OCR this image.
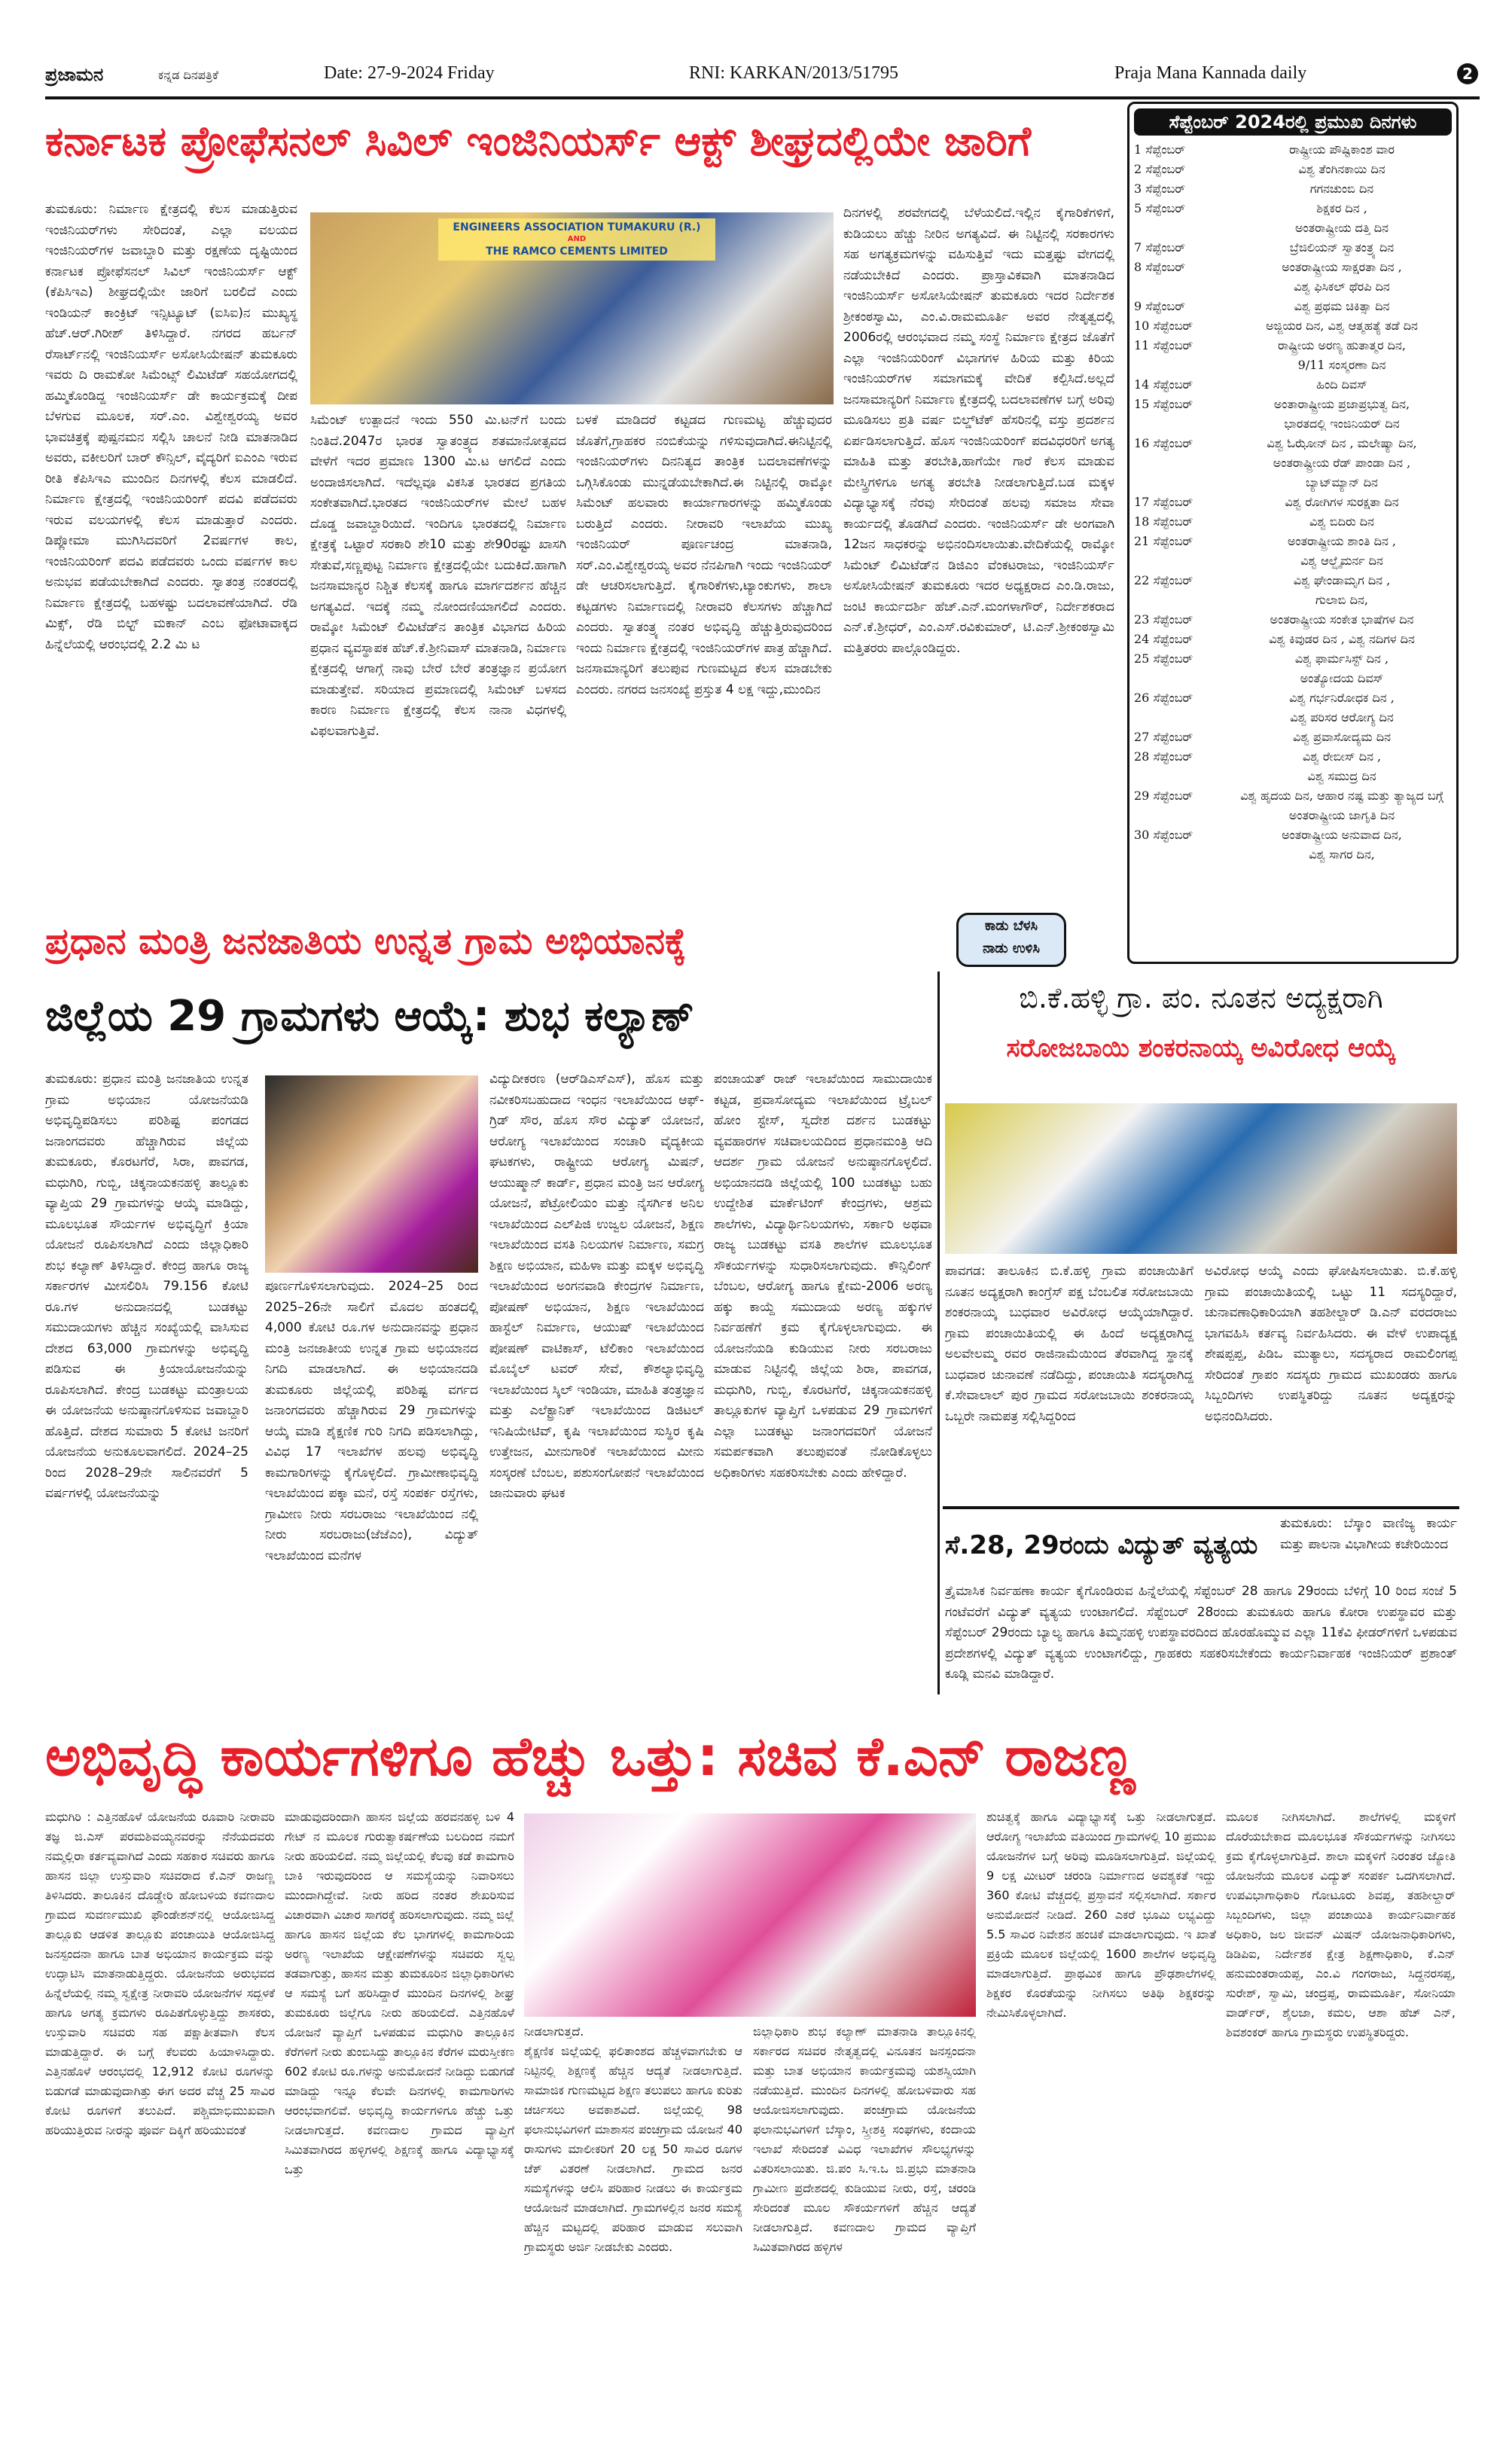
ಪ್ರಜಾಮನ	ಕನ್ನಡ ದಿನಪತ್ರಿಕೆ	Date: 27-9-2024 Friday	RNI: KARKAN/2013/51795	Praja Mana Kannada daily	2
ಕರ್ನಾಟಕ ಪ್ರೋಫೆಸನಲ್ ಸಿವಿಲ್ ಇಂಜಿನಿಯರ್ಸ್ ಆಕ್ಟ್ ಶೀಘ್ರದಲ್ಲಿಯೇ ಜಾರಿಗೆ
ತುಮಕೂರು: ನಿರ್ಮಾಣ ಕ್ಷೇತ್ರದಲ್ಲಿ ಕೆಲಸ ಮಾಡುತ್ತಿರುವ ಇಂಜಿನಿಯರ್‌ಗಳು ಸೇರಿದಂತೆ, ಎಲ್ಲಾ ವಲಯದ ಇಂಜಿನಿಯರ್‌ಗಳ ಜವಾಬ್ದಾರಿ ಮತ್ತು ರಕ್ಷಣೆಯ ದೃಷ್ಟಿಯಿಂದ ಕರ್ನಾಟಕ ಪ್ರೋಫೆಸನಲ್ ಸಿವಿಲ್ ಇಂಜಿನಿಯರ್ಸ್ ಆಕ್ಟ್ (ಕೆಪಿಸಿಇಎ) ಶೀಘ್ರದಲ್ಲಿಯೇ ಜಾರಿಗೆ ಬರಲಿದೆ ಎಂದು ಇಂಡಿಯನ್ ಕಾಂಕ್ರಿಟ್ ಇನ್ಸಿಟ್ಯೂಟ್ (ಐಸಿಐ)ನ ಮುಖ್ಯಸ್ಥ ಹೆಚ್.ಆರ್.ಗಿರೀಶ್ ತಿಳಿಸಿದ್ದಾರೆ. ನಗರದ ಹರ್ಬನ್ ರೆಸಾರ್ಟ್‌ನಲ್ಲಿ ಇಂಜಿನಿಯರ್ಸ್ ಅಸೋಸಿಯೇಷನ್ ತುಮಕೂರು ಇವರು ದಿ ರಾಮಕೋ ಸಿಮೆಂಟ್ಸ್ ಲಿಮಿಟೆಡ್ ಸಹಯೋಗದಲ್ಲಿ ಹಮ್ಮಿಕೊಂಡಿದ್ದ ಇಂಜಿನಿಯರ್ಸ್ ಡೇ ಕಾರ್ಯಕ್ರಮಕ್ಕೆ ದೀಪ ಬೆಳಗುವ ಮೂಲಕ, ಸರ್.ಎಂ. ವಿಶ್ವೇಶ್ವರಯ್ಯ ಅವರ ಭಾವಚಿತ್ರಕ್ಕೆ ಪುಷ್ಪನಮನ ಸಲ್ಲಿಸಿ ಚಾಲನೆ ನೀಡಿ ಮಾತನಾಡಿದ ಅವರು, ವಕೀಲರಿಗೆ ಬಾರ್ ಕೌನ್ಸಿಲ್, ವೈದ್ಯರಿಗೆ ಐಎಂಎ ಇರುವ ರೀತಿ ಕೆಪಿಸಿಇಎ ಮುಂದಿನ ದಿನಗಳಲ್ಲಿ ಕೆಲಸ ಮಾಡಲಿದೆ. ನಿರ್ಮಾಣ ಕ್ಷೇತ್ರದಲ್ಲಿ ಇಂಜಿನಿಯರಿಂಗ್ ಪದವಿ ಪಡೆದವರು ಇರುವ ವಲಯಗಳಲ್ಲಿ ಕೆಲಸ ಮಾಡುತ್ತಾರೆ ಎಂದರು. ಡಿಪ್ಲೋಮಾ ಮುಗಿಸಿದವರಿಗೆ 2ವರ್ಷಗಳ ಕಾಲ, ಇಂಜಿನಿಯರಿಂಗ್ ಪದವಿ ಪಡೆದವರು ಒಂದು ವರ್ಷಗಳ ಕಾಲ ಅನುಭವ ಪಡೆಯಬೇಕಾಗಿದೆ ಎಂದರು. ಸ್ವಾತಂತ್ರ ನಂತರದಲ್ಲಿ ನಿರ್ಮಾಣ ಕ್ಷೇತ್ರದಲ್ಲಿ ಬಹಳಷ್ಟು ಬದಲಾವಣೆಯಾಗಿದೆ. ರೆಡಿ ಮಿಕ್ಸ್, ರೆಡಿ ಬಿಲ್ಟ್ ಮಕಾನ್ ಎಂಬ ಫೋಟಾವಾಕ್ಕದ ಹಿನ್ನೆಲೆಯಲ್ಲಿ ಆರಂಭದಲ್ಲಿ 2.2 ಮಿ ಟ
ENGINEERS ASSOCIATION TUMAKURU (R.)
AND
THE RAMCO CEMENTS LIMITED
ಸಿಮೆಂಟ್ ಉತ್ಪಾದನೆ ಇಂದು 550 ಮಿ.ಟನ್‌ಗೆ ಬಂದು ನಿಂತಿದೆ.2047ರ ಭಾರತ ಸ್ವಾತಂತ್ರ್ಯದ ಶತಮಾನೋತ್ಸವದ ವೇಳೆಗೆ ಇದರ ಪ್ರಮಾಣ 1300 ಮಿ.ಟ ಆಗಲಿದೆ ಎಂದು ಅಂದಾಜಿಸಲಾಗಿದೆ. ಇದೆಲ್ಲವೂ ವಿಕಸಿತ ಭಾರತದ ಪ್ರಗತಿಯ ಸಂಕೇತವಾಗಿದೆ.ಭಾರತದ ಇಂಜಿನಿಯರ್‌ಗಳ ಮೇಲೆ ಬಹಳ ದೊಡ್ಡ ಜವಾಬ್ದಾರಿಯಿದೆ. ಇಂದಿಗೂ ಭಾರತದಲ್ಲಿ ನಿರ್ಮಾಣ ಕ್ಷೇತ್ರಕ್ಕೆ ಒಟ್ಟಾರೆ ಸರಕಾರಿ ಶೇ10 ಮತ್ತು ಶೇ90ರಷ್ಟು ಖಾಸಗಿ ಸೇತುವೆ,ಸಣ್ಣಪುಟ್ಟ ನಿರ್ಮಾಣ ಕ್ಷೇತ್ರದಲ್ಲಿಯೇ ಬದುಕಿದೆ.ಹಾಗಾಗಿ ಜನಸಾಮಾನ್ಯರ ನಿಶ್ಚಿತ ಕೆಲಸಕ್ಕೆ ಹಾಗೂ ಮಾರ್ಗದರ್ಶನ ಹೆಚ್ಚಿನ ಅಗತ್ಯವಿದೆ. ಇದಕ್ಕೆ ನಮ್ಮ ನೋಂದಣಿಯಾಗಲಿದೆ ಎಂದರು. ರಾಮ್ಕೋ ಸಿಮೆಂಟ್ ಲಿಮಿಟೆಡ್‌ನ ತಾಂತ್ರಿಕ ವಿಭಾಗದ ಹಿರಿಯ ಪ್ರಧಾನ ವ್ಯವಸ್ಥಾಪಕ ಹೆಚ್.ಕೆ.ಶ್ರೀನಿವಾಸ್ ಮಾತನಾಡಿ, ನಿರ್ಮಾಣ ಕ್ಷೇತ್ರದಲ್ಲಿ ಆಗಾಗ್ಗೆ ನಾವು ಬೇರೆ ಬೇರೆ ತಂತ್ರಜ್ಞಾನ ಪ್ರಯೋಗ ಮಾಡುತ್ತೇವೆ. ಸರಿಯಾದ ಪ್ರಮಾಣದಲ್ಲಿ ಸಿಮೆಂಟ್ ಬಳಸದ ಕಾರಣ ನಿರ್ಮಾಣ ಕ್ಷೇತ್ರದಲ್ಲಿ ಕೆಲಸ ನಾನಾ ವಿಧಗಳಲ್ಲಿ ವಿಫಲವಾಗುತ್ತಿವೆ.
ಬಳಕೆ ಮಾಡಿದರೆ ಕಟ್ಟಡದ ಗುಣಮಟ್ಟ ಹೆಚ್ಚುವುದರ ಜೊತೆಗೆ,ಗ್ರಾಹಕರ ನಂಬಿಕೆಯನ್ನು ಗಳಿಸುವುದಾಗಿದೆ.ಈನಿಟ್ಟಿನಲ್ಲಿ ಇಂಜಿನಿಯರ್‌ಗಳು ದಿನನಿತ್ಯದ ತಾಂತ್ರಿಕ ಬದಲಾವಣೆಗಳನ್ನು ಒಗ್ಗಿಸಿಕೊಂಡು ಮುನ್ನಡೆಯಬೇಕಾಗಿದೆ.ಈ ನಿಟ್ಟಿನಲ್ಲಿ ರಾಮ್ಕೋ ಸಿಮೆಂಟ್ ಹಲವಾರು ಕಾರ್ಯಾಗಾರಗಳನ್ನು ಹಮ್ಮಿಕೊಂಡು ಬರುತ್ತಿದೆ ಎಂದರು. ನೀರಾವರಿ ಇಲಾಖೆಯ ಮುಖ್ಯ ಇಂಜಿನಿಯರ್ ಪೂರ್ಣಚಂದ್ರ ಮಾತನಾಡಿ, ಸರ್.ಎಂ.ವಿಶ್ವೇಶ್ವರಯ್ಯ ಅವರ ನೆನಪಿಗಾಗಿ ಇಂದು ಇಂಜಿನಿಯರ್ ಡೇ ಆಚರಿಸಲಾಗುತ್ತಿದೆ. ಕೈಗಾರಿಕೆಗಳು,ಟ್ಯಾಂಕುಗಳು, ಶಾಲಾ ಕಟ್ಟಡಗಳು ನಿರ್ಮಾಣದಲ್ಲಿ ನೀರಾವರಿ ಕೆಲಸಗಳು ಹೆಚ್ಚಾಗಿದೆ ಎಂದರು. ಸ್ವಾತಂತ್ರ್ಯ ನಂತರ ಅಭಿವೃದ್ಧಿ ಹೆಚ್ಚುತ್ತಿರುವುದರಿಂದ ಇಂದು ನಿರ್ಮಾಣ ಕ್ಷೇತ್ರದಲ್ಲಿ ಇಂಜಿನಿಯರ್‌ಗಳ ಪಾತ್ರ ಹೆಚ್ಚಾಗಿದೆ. ಜನಸಾಮಾನ್ಯರಿಗೆ ತಲುಪುವ ಗುಣಮಟ್ಟದ ಕೆಲಸ ಮಾಡಬೇಕು ಎಂದರು. ನಗರದ ಜನಸಂಖ್ಯೆ ಪ್ರಸ್ತುತ 4 ಲಕ್ಷ ಇದ್ದು,ಮುಂದಿನ
ದಿನಗಳಲ್ಲಿ ಶರವೇಗದಲ್ಲಿ ಬೆಳೆಯಲಿದೆ.ಇಲ್ಲಿನ ಕೈಗಾರಿಕೆಗಳಿಗೆ, ಕುಡಿಯಲು ಹೆಚ್ಚು ನೀರಿನ ಅಗತ್ಯವಿದೆ. ಈ ನಿಟ್ಟಿನಲ್ಲಿ ಸರಕಾರಗಳು ಸಹ ಅಗತ್ಯಕ್ರಮಗಳನ್ನು ವಹಿಸುತ್ತಿವೆ ಇದು ಮತ್ತಷ್ಟು ವೇಗದಲ್ಲಿ ನಡೆಯಬೇಕಿದೆ ಎಂದರು. ಪ್ರಾಸ್ತಾವಿಕವಾಗಿ ಮಾತನಾಡಿದ ಇಂಜಿನಿಯರ್ಸ್ ಅಸೋಸಿಯೇಷನ್ ತುಮಕೂರು ಇದರ ನಿರ್ದೇಶಕ ಶ್ರೀಕಂಠಸ್ವಾಮಿ, ಎಂ.ವಿ.ರಾಮಮೂರ್ತಿ ಅವರ ನೇತೃತ್ವದಲ್ಲಿ 2006ರಲ್ಲಿ ಆರಂಭವಾದ ನಮ್ಮ ಸಂಸ್ಥೆ ನಿರ್ಮಾಣ ಕ್ಷೇತ್ರದ ಜೊತೆಗೆ ಎಲ್ಲಾ ಇಂಜಿನಿಯರಿಂಗ್ ವಿಭಾಗಗಳ ಹಿರಿಯ ಮತ್ತು ಕಿರಿಯ ಇಂಜಿನಿಯರ್‌ಗಳ ಸಮಾಗಮಕ್ಕೆ ವೇದಿಕೆ ಕಲ್ಪಿಸಿದೆ.ಅಲ್ಲದೆ ಜನಸಾಮಾನ್ಯರಿಗೆ ನಿರ್ಮಾಣ ಕ್ಷೇತ್ರದಲ್ಲಿ ಬದಲಾವಣೆಗಳ ಬಗ್ಗೆ ಅರಿವು ಮೂಡಿಸಲು ಪ್ರತಿ ವರ್ಷ ಬಿಲ್ಡ್‌ಟೆಕ್ ಹೆಸರಿನಲ್ಲಿ ವಸ್ತು ಪ್ರದರ್ಶನ ಏರ್ಪಡಿಸಲಾಗುತ್ತಿದೆ. ಹೊಸ ಇಂಜಿನಿಯರಿಂಗ್ ಪದವಿಧರರಿಗೆ ಅಗತ್ಯ ಮಾಹಿತಿ ಮತ್ತು ತರಬೇತಿ,ಹಾಗೆಯೇ ಗಾರೆ ಕೆಲಸ ಮಾಡುವ ಮೇಸ್ತ್ರಿಗಳಿಗೂ ಅಗತ್ಯ ತರಬೇತಿ ನೀಡಲಾಗುತ್ತಿದೆ.ಬಡ ಮಕ್ಕಳ ವಿದ್ಯಾಭ್ಯಾಸಕ್ಕೆ ನೆರವು ಸೇರಿದಂತೆ ಹಲವು ಸಮಾಜ ಸೇವಾ ಕಾರ್ಯದಲ್ಲಿ ತೊಡಗಿದೆ ಎಂದರು. ಇಂಜಿನಿಯರ್ಸ್ ಡೇ ಅಂಗವಾಗಿ 12ಜನ ಸಾಧಕರನ್ನು ಅಭಿನಂದಿಸಲಾಯಿತು.ವೇದಿಕೆಯಲ್ಲಿ ರಾಮ್ಕೋ ಸಿಮೆಂಟ್ ಲಿಮಿಟೆಡ್‌ನ ಡಿಜಿಎಂ ವೆಂಕಟರಾಜು, ಇಂಜಿನಿಯರ್ಸ್ ಅಸೋಸಿಯೇಷನ್ ತುಮಕೂರು ಇದರ ಅಧ್ಯಕ್ಷರಾದ ಎಂ.ಡಿ.ರಾಜು, ಜಂಟಿ ಕಾರ್ಯದರ್ಶಿ ಹೆಚ್.ಎನ್.ಮಂಗಳಾಗೌರ್, ನಿರ್ದೇಶಕರಾದ ಎನ್.ಕೆ.ಶ್ರೀಧರ್, ಎಂ.ಎಸ್.ರವಿಕುಮಾರ್, ಟಿ.ಎನ್.ಶ್ರೀಕಂಠಸ್ವಾಮಿ ಮತ್ತಿತರರು ಪಾಲ್ಗೊಂಡಿದ್ದರು.
ಸೆಪ್ಟೆಂಬರ್ 2024ರಲ್ಲಿ ಪ್ರಮುಖ ದಿನಗಳು
1 ಸೆಪ್ಟೆಂಬರ್	ರಾಷ್ಟ್ರೀಯ ಪೌಷ್ಟಿಕಾಂಶ ವಾರ
2 ಸೆಪ್ಟೆಂಬರ್	ವಿಶ್ವ ತೆಂಗಿನಕಾಯಿ ದಿನ
3 ಸೆಪ್ಟೆಂಬರ್	ಗಗನಚುಂಬಿ ದಿನ
5 ಸೆಪ್ಟೆಂಬರ್	ಶಿಕ್ಷಕರ ದಿನ ,
ಅಂತರಾಷ್ಟ್ರೀಯ ದತ್ತಿ ದಿನ
7 ಸೆಪ್ಟೆಂಬರ್	ಬ್ರೆಜಿಲಿಯನ್ ಸ್ವಾತಂತ್ರ್ಯ ದಿನ
8 ಸೆಪ್ಟೆಂಬರ್	ಅಂತರಾಷ್ಟ್ರೀಯ ಸಾಕ್ಷರತಾ ದಿನ ,
ವಿಶ್ವ ಫಿಸಿಕಲ್ ಥೆರಪಿ ದಿನ
9 ಸೆಪ್ಟೆಂಬರ್	ವಿಶ್ವ ಪ್ರಥಮ ಚಿಕಿತ್ಸಾ ದಿನ
10 ಸೆಪ್ಟೆಂಬರ್	ಅಜ್ಜಿಯರ ದಿನ, ವಿಶ್ವ ಆತ್ಮಹತ್ಯೆ ತಡೆ ದಿನ
11 ಸೆಪ್ಟೆಂಬರ್	ರಾಷ್ಟ್ರೀಯ ಅರಣ್ಯ ಹುತಾತ್ಮರ ದಿನ,
9/11 ಸಂಸ್ಮರಣಾ ದಿನ
14 ಸೆಪ್ಟೆಂಬರ್	ಹಿಂದಿ ದಿವಸ್
15 ಸೆಪ್ಟೆಂಬರ್	ಅಂತಾರಾಷ್ಟ್ರೀಯ ಪ್ರಜಾಪ್ರಭುತ್ವ ದಿನ,
ಭಾರತದಲ್ಲಿ ಇಂಜಿನಿಯರ್ ದಿನ
16 ಸೆಪ್ಟೆಂಬರ್	ವಿಶ್ವ ಓಝೋನ್ ದಿನ , ಮಲೇಷ್ಯಾ ದಿನ,
ಅಂತರಾಷ್ಟ್ರೀಯ ರೆಡ್ ಪಾಂಡಾ ದಿನ ,
ಬ್ಯಾಟ್‌ಮ್ಯಾನ್ ದಿನ
17 ಸೆಪ್ಟೆಂಬರ್	ವಿಶ್ವ ರೋಗಿಗಳ ಸುರಕ್ಷತಾ ದಿನ
18 ಸೆಪ್ಟೆಂಬರ್	ವಿಶ್ವ ಬಿದಿರು ದಿನ
21 ಸೆಪ್ಟೆಂಬರ್	ಅಂತರಾಷ್ಟ್ರೀಯ ಶಾಂತಿ ದಿನ ,
ವಿಶ್ವ ಆಲ್ಝೈಮರ್ನ ದಿನ
22 ಸೆಪ್ಟೆಂಬರ್	ವಿಶ್ವ ಘೇಂಡಾಮೃಗ ದಿನ ,
ಗುಲಾಬಿ ದಿನ,
23 ಸೆಪ್ಟೆಂಬರ್	ಅಂತರಾಷ್ಟ್ರೀಯ ಸಂಕೇತ ಭಾಷೆಗಳ ದಿನ
24 ಸೆಪ್ಟೆಂಬರ್	ವಿಶ್ವ ಕಿವುಡರ ದಿನ , ವಿಶ್ವ ನದಿಗಳ ದಿನ
25 ಸೆಪ್ಟೆಂಬರ್	ವಿಶ್ವ ಫಾರ್ಮಸಿಸ್ಟ್ ದಿನ ,
ಅಂತ್ಯೋದಯ ದಿವಸ್
26 ಸೆಪ್ಟೆಂಬರ್	ವಿಶ್ವ ಗರ್ಭನಿರೋಧಕ ದಿನ ,
ವಿಶ್ವ ಪರಿಸರ ಆರೋಗ್ಯ ದಿನ
27 ಸೆಪ್ಟೆಂಬರ್	ವಿಶ್ವ ಪ್ರವಾಸೋದ್ಯಮ ದಿನ
28 ಸೆಪ್ಟೆಂಬರ್	ವಿಶ್ವ ರೇಬೀಸ್ ದಿನ ,
ವಿಶ್ವ ಸಮುದ್ರ ದಿನ
29 ಸೆಪ್ಟೆಂಬರ್	ವಿಶ್ವ ಹೃದಯ ದಿನ, ಆಹಾರ ನಷ್ಟ ಮತ್ತು ತ್ಯಾಜ್ಯದ ಬಗ್ಗೆ ಅಂತರಾಷ್ಟ್ರೀಯ ಜಾಗೃತಿ ದಿನ
30 ಸೆಪ್ಟೆಂಬರ್	ಅಂತರಾಷ್ಟ್ರೀಯ ಅನುವಾದ ದಿನ,
ವಿಶ್ವ ಸಾಗರ ದಿನ,
ಕಾಡು ಬೆಳಸಿ
ನಾಡು ಉಳಿಸಿ
ಪ್ರಧಾನ ಮಂತ್ರಿ ಜನಜಾತಿಯ ಉನ್ನತ ಗ್ರಾಮ ಅಭಿಯಾನಕ್ಕೆ
ಜಿಲ್ಲೆಯ 29 ಗ್ರಾಮಗಳು ಆಯ್ಕೆ: ಶುಭ ಕಲ್ಯಾಣ್
ತುಮಕೂರು: ಪ್ರಧಾನ ಮಂತ್ರಿ ಜನಜಾತಿಯ ಉನ್ನತ ಗ್ರಾಮ ಅಭಿಯಾನ ಯೋಜನೆಯಡಿ ಅಭಿವೃದ್ಧಿಪಡಿಸಲು ಪರಿಶಿಷ್ಟ ಪಂಗಡದ ಜನಾಂಗದವರು ಹೆಚ್ಚಾಗಿರುವ ಜಿಲ್ಲೆಯ ತುಮಕೂರು, ಕೊರಟಗೆರೆ, ಸಿರಾ, ಪಾವಗಡ, ಮಧುಗಿರಿ, ಗುಬ್ಬಿ, ಚಿಕ್ಕನಾಯಕನಹಳ್ಳಿ ತಾಲ್ಲೂಕು ವ್ಯಾಪ್ತಿಯ 29 ಗ್ರಾಮಗಳನ್ನು ಆಯ್ಕೆ ಮಾಡಿದ್ದು, ಮೂಲಭೂತ ಸೌರ್ಯಗಳ ಅಭಿವೃದ್ಧಿಗೆ ಕ್ರಿಯಾ ಯೋಜನೆ ರೂಪಿಸಲಾಗಿದೆ ಎಂದು ಜಿಲ್ಲಾಧಿಕಾರಿ ಶುಭ ಕಲ್ಯಾಣ್ ತಿಳಿಸಿದ್ದಾರೆ. ಕೇಂದ್ರ ಹಾಗೂ ರಾಜ್ಯ ಸರ್ಕಾರಗಳ ಮೀಸಲಿರಿಸಿ 79.156 ಕೋಟಿ ರೂ.ಗಳ ಅನುದಾನದಲ್ಲಿ ಬುಡಕಟ್ಟು ಸಮುದಾಯಗಳು ಹೆಚ್ಚಿನ ಸಂಖ್ಯೆಯಲ್ಲಿ ವಾಸಿಸುವ ದೇಶದ 63,000 ಗ್ರಾಮಗಳನ್ನು ಅಭಿವೃದ್ಧಿ ಪಡಿಸುವ ಈ ಕ್ರಿಯಾಯೋಜನೆಯನ್ನು ರೂಪಿಸಲಾಗಿದೆ. ಕೇಂದ್ರ ಬುಡಕಟ್ಟು ಮಂತ್ರಾಲಯ ಈ ಯೋಜನೆಯ ಅನುಷ್ಠಾನಗೊಳಿಸುವ ಜವಾಬ್ದಾರಿ ಹೊತ್ತಿದೆ. ದೇಶದ ಸುಮಾರು 5 ಕೋಟಿ ಜನರಿಗೆ ಯೋಜನೆಯ ಅನುಕೂಲವಾಗಲಿದೆ. 2024–25 ರಿಂದ 2028–29ನೇ ಸಾಲಿನವರೆಗೆ 5 ವರ್ಷಗಳಲ್ಲಿ ಯೋಜನೆಯನ್ನು
ಪೂರ್ಣಗೊಳಿಸಲಾಗುವುದು. 2024–25 ರಿಂದ 2025–26ನೇ ಸಾಲಿಗೆ ಮೊದಲ ಹಂತದಲ್ಲಿ 4,000 ಕೋಟಿ ರೂ.ಗಳ ಅನುದಾನವನ್ನು ಪ್ರಧಾನ ಮಂತ್ರಿ ಜನಜಾತೀಯ ಉನ್ನತ ಗ್ರಾಮ ಅಭಿಯಾನದ ನಿಗದಿ ಮಾಡಲಾಗಿದೆ. ಈ ಅಭಿಯಾನದಡಿ ತುಮಕೂರು ಜಿಲ್ಲೆಯಲ್ಲಿ ಪರಿಶಿಷ್ಟ ವರ್ಗದ ಜನಾಂಗದವರು ಹೆಚ್ಚಾಗಿರುವ 29 ಗ್ರಾಮಗಳನ್ನು ಆಯ್ಕೆ ಮಾಡಿ ಶೈಕ್ಷಣಿಕ ಗುರಿ ನಿಗದಿ ಪಡಿಸಲಾಗಿದ್ದು, ವಿವಿಧ 17 ಇಲಾಖೆಗಳ ಹಲವು ಅಭಿವೃದ್ಧಿ ಕಾಮಗಾರಿಗಳನ್ನು ಕೈಗೊಳ್ಳಲಿದೆ. ಗ್ರಾಮೀಣಾಭಿವೃದ್ಧಿ ಇಲಾಖೆಯಿಂದ ಪಕ್ಕಾ ಮನೆ, ರಸ್ತೆ ಸಂಪರ್ಕ ರಸ್ತೆಗಳು, ಗ್ರಾಮೀಣ ನೀರು ಸರಬರಾಜು ಇಲಾಖೆಯಿಂದ ನಲ್ಲಿ ನೀರು ಸರಬರಾಜು(ಜೆಜೆಎಂ), ವಿದ್ಯುತ್ ಇಲಾಖೆಯಿಂದ ಮನೆಗಳ
ವಿದ್ಯುದೀಕರಣ (ಆರ್‌ಡಿಎಸ್‌ಎಸ್), ಹೊಸ ಮತ್ತು ನವೀಕರಿಸಬಹುದಾದ ಇಂಧನ ಇಲಾಖೆಯಿಂದ ಆಫ್-ಗ್ರಿಡ್ ಸೌರ, ಹೊಸ ಸೌರ ವಿದ್ಯುತ್ ಯೋಜನೆ, ಆರೋಗ್ಯ ಇಲಾಖೆಯಿಂದ ಸಂಚಾರಿ ವೈದ್ಯಕೀಯ ಘಟಕಗಳು, ರಾಷ್ಟ್ರೀಯ ಆರೋಗ್ಯ ಮಿಷನ್, ಆಯುಷ್ಮಾನ್ ಕಾರ್ಡ್, ಪ್ರಧಾನ ಮಂತ್ರಿ ಜನ ಆರೋಗ್ಯ ಯೋಜನೆ, ಪೆಟ್ರೋಲಿಯಂ ಮತ್ತು ನೈಸರ್ಗಿಕ ಅನಿಲ ಇಲಾಖೆಯಿಂದ ಎಲ್‌ಪಿಜಿ ಉಜ್ವಲ ಯೋಜನೆ, ಶಿಕ್ಷಣ ಇಲಾಖೆಯಿಂದ ವಸತಿ ನಿಲಯಗಳ ನಿರ್ಮಾಣ, ಸಮಗ್ರ ಶಿಕ್ಷಣ ಅಭಿಯಾನ, ಮಹಿಳಾ ಮತ್ತು ಮಕ್ಕಳ ಅಭಿವೃದ್ಧಿ ಇಲಾಖೆಯಿಂದ ಅಂಗನವಾಡಿ ಕೇಂದ್ರಗಳ ನಿರ್ಮಾಣ, ಪೋಷಣ್ ಅಭಿಯಾನ, ಶಿಕ್ಷಣ ಇಲಾಖೆಯಿಂದ ಹಾಸ್ಟೆಲ್ ನಿರ್ಮಾಣ, ಆಯುಷ್ ಇಲಾಖೆಯಿಂದ ಪೋಷಣ್ ವಾಟಿಕಾಸ್, ಟೆಲಿಕಾಂ ಇಲಾಖೆಯಿಂದ ಮೊಬೈಲ್ ಟವರ್ ಸೇವೆ, ಕೌಶಲ್ಯಾಭಿವೃದ್ಧಿ ಇಲಾಖೆಯಿಂದ ಸ್ಕಿಲ್ ಇಂಡಿಯಾ, ಮಾಹಿತಿ ತಂತ್ರಜ್ಞಾನ ಮತ್ತು ಎಲೆಕ್ಟ್ರಾನಿಕ್ ಇಲಾಖೆಯಿಂದ ಡಿಜಿಟಲ್ ಇನಿಷಿಯೇಟಿವ್, ಕೃಷಿ ಇಲಾಖೆಯಿಂದ ಸುಸ್ಥಿರ ಕೃಷಿ ಉತ್ತೇಜನ, ಮೀನುಗಾರಿಕೆ ಇಲಾಖೆಯಿಂದ ಮೀನು ಸಂಸ್ಕರಣೆ ಬೆಂಬಲ, ಪಶುಸಂಗೋಪನೆ ಇಲಾಖೆಯಿಂದ ಜಾನುವಾರು ಘಟಕ
ಪಂಚಾಯತ್ ರಾಜ್ ಇಲಾಖೆಯಿಂದ ಸಾಮುದಾಯಿಕ ಕಟ್ಟಡ, ಪ್ರವಾಸೋದ್ಯಮ ಇಲಾಖೆಯಿಂದ ಟ್ರೈಬಲ್ ಹೋಂ ಸ್ಟೇಸ್, ಸ್ವದೇಶ ದರ್ಶನ ಬುಡಕಟ್ಟು ವ್ಯವಹಾರಗಳ ಸಚಿವಾಲಯದಿಂದ ಪ್ರಧಾನಮಂತ್ರಿ ಆದಿ ಆದರ್ಶ ಗ್ರಾಮ ಯೋಜನೆ ಅನುಷ್ಠಾನಗೊಳ್ಳಲಿದೆ. ಅಭಿಯಾನದಡಿ ಜಿಲ್ಲೆಯಲ್ಲಿ 100 ಬುಡಕಟ್ಟು ಬಹು ಉದ್ದೇಶಿತ ಮಾರ್ಕೆಟಿಂಗ್ ಕೇಂದ್ರಗಳು, ಆಶ್ರಮ ಶಾಲೆಗಳು, ವಿದ್ಯಾರ್ಥಿನಿಲಯಗಳು, ಸರ್ಕಾರಿ ಅಥವಾ ರಾಜ್ಯ ಬುಡಕಟ್ಟು ವಸತಿ ಶಾಲೆಗಳ ಮೂಲಭೂತ ಸೌಕರ್ಯಗಳನ್ನು ಸುಧಾರಿಸಲಾಗುವುದು. ಕೌನ್ಸಿಲಿಂಗ್ ಬೆಂಬಲ, ಆರೋಗ್ಯ ಹಾಗೂ ಕ್ಷೇಮ-2006 ಅರಣ್ಯ ಹಕ್ಕು ಕಾಯ್ದೆ ಸಮುದಾಯ ಅರಣ್ಯ ಹಕ್ಕುಗಳ ನಿರ್ವಹಣೆಗೆ ಕ್ರಮ ಕೈಗೊಳ್ಳಲಾಗುವುದು. ಈ ಯೋಜನೆಯಡಿ ಕುಡಿಯುವ ನೀರು ಸರಬರಾಜು ಮಾಡುವ ನಿಟ್ಟಿನಲ್ಲಿ ಜಿಲ್ಲೆಯ ಶಿರಾ, ಪಾವಗಡ, ಮಧುಗಿರಿ, ಗುಬ್ಬಿ, ಕೊರಟಗೆರೆ, ಚಿಕ್ಕನಾಯಕನಹಳ್ಳಿ ತಾಲ್ಲೂಕುಗಳ ವ್ಯಾಪ್ತಿಗೆ ಒಳಪಡುವ 29 ಗ್ರಾಮಗಳಿಗೆ ಎಲ್ಲಾ ಬುಡಕಟ್ಟು ಜನಾಂಗದವರಿಗೆ ಯೋಜನೆ ಸಮರ್ಪಕವಾಗಿ ತಲುಪುವಂತೆ ನೋಡಿಕೊಳ್ಳಲು ಅಧಿಕಾರಿಗಳು ಸಹಕರಿಸಬೇಕು ಎಂದು ಹೇಳಿದ್ದಾರೆ.
ಬಿ.ಕೆ.ಹಳ್ಳಿ ಗ್ರಾ. ಪಂ. ನೂತನ ಅದ್ಯಕ್ಷರಾಗಿ
ಸರೋಜಬಾಯಿ ಶಂಕರನಾಯ್ಕ ಅವಿರೋಧ ಆಯ್ಕೆ
ಪಾವಗಡ: ತಾಲೂಕಿನ ಬಿ.ಕೆ.ಹಳ್ಳಿ ಗ್ರಾಮ ಪಂಚಾಯಿತಿಗೆ ನೂತನ ಅದ್ಯಕ್ಷರಾಗಿ ಕಾಂಗ್ರೆಸ್ ಪಕ್ಷ ಬೆಂಬಲಿತ ಸರೋಜಬಾಯಿ ಶಂಕರನಾಯ್ಕ ಬುಧವಾರ ಅವಿರೋಧ ಆಯ್ಕೆಯಾಗಿದ್ದಾರೆ. ಗ್ರಾಮ ಪಂಚಾಯಿತಿಯಲ್ಲಿ ಈ ಹಿಂದೆ ಅದ್ಯಕ್ಷರಾಗಿದ್ದ ಅಲವೇಲಮ್ಮ ರವರ ರಾಜಿನಾಮೆಯಿಂದ ತೆರವಾಗಿದ್ದ ಸ್ಥಾನಕ್ಕೆ ಬುಧವಾರ ಚುನಾವಣೆ ನಡೆದಿದ್ದು, ಪಂಚಾಯಿತಿ ಸದಸ್ಯರಾಗಿದ್ದ ಕೆ.ಸೇವಾಲಾಲ್ ಪುರ ಗ್ರಾಮದ ಸರೋಜಬಾಯಿ ಶಂಕರನಾಯ್ಕ ಒಬ್ಬರೇ ನಾಮಪತ್ರ ಸಲ್ಲಿಸಿದ್ದರಿಂದ
ಅವಿರೋಧ ಆಯ್ಕೆ ಎಂದು ಘೋಷಿಸಲಾಯಿತು. ಬಿ.ಕೆ.ಹಳ್ಳಿ ಗ್ರಾಮ ಪಂಚಾಯಿತಿಯಲ್ಲಿ ಒಟ್ಟು 11 ಸದಸ್ಯರಿದ್ದಾರೆ, ಚುನಾವಣಾಧಿಕಾರಿಯಾಗಿ ತಹಶೀಲ್ದಾರ್ ಡಿ.ಎನ್ ವರದರಾಜು ಭಾಗವಹಿಸಿ ಕರ್ತವ್ಯ ನಿರ್ವಹಿಸಿದರು. ಈ ವೇಳೆ ಉಪಾದ್ಯಕ್ಷ ಶೇಷಪ್ಪಪ್ಪ, ಪಿಡಿಒ ಮುತ್ಯಾಲು, ಸದಸ್ಯರಾದ ರಾಮಲಿಂಗಪ್ಪ ಸೇರಿದಂತೆ ಗ್ರಾಪಂ ಸದಸ್ಯರು ಗ್ರಾಮದ ಮುಖಂಡರು ಹಾಗೂ ಸಿಬ್ಬಂದಿಗಳು ಉಪಸ್ಥಿತರಿದ್ದು ನೂತನ ಅದ್ಯಕ್ಷರನ್ನು ಅಭಿನಂದಿಸಿದರು.
ಸೆ.28, 29ರಂದು ವಿದ್ಯುತ್ ವ್ಯತ್ಯಯ
ತುಮಕೂರು: ಬೆಸ್ಕಾಂ ವಾಣಿಜ್ಯ ಕಾರ್ಯ ಮತ್ತು ಪಾಲನಾ ವಿಭಾಗೀಯ ಕಚೇರಿಯಿಂದ
ತ್ರೈಮಾಸಿಕ ನಿರ್ವಹಣಾ ಕಾರ್ಯ ಕೈಗೊಂಡಿರುವ ಹಿನ್ನೆಲೆಯಲ್ಲಿ ಸೆಪ್ಟೆಂಬರ್ 28 ಹಾಗೂ 29ರಂದು ಬೆಳಿಗ್ಗೆ 10 ರಿಂದ ಸಂಜೆ 5 ಗಂಟೆವರೆಗೆ ವಿದ್ಯುತ್ ವ್ಯತ್ಯಯ ಉಂಟಾಗಲಿದೆ. ಸೆಪ್ಟೆಂಬರ್ 28ರಂದು ತುಮಕೂರು ಹಾಗೂ ಕೋರಾ ಉಪಸ್ಥಾವರ ಮತ್ತು ಸೆಪ್ಟೆಂಬರ್ 29ರಂದು ಬ್ಯಾಲ್ಯ ಹಾಗೂ ತಿಮ್ಮನಹಳ್ಳಿ ಉಪಸ್ಥಾವರದಿಂದ ಹೊರಹೊಮ್ಮುವ ಎಲ್ಲಾ 11ಕೆವಿ ಫೀಡರ್‌ಗಳಿಗೆ ಒಳಪಡುವ ಪ್ರದೇಶಗಳಲ್ಲಿ ವಿದ್ಯುತ್ ವ್ಯತ್ಯಯ ಉಂಟಾಗಲಿದ್ದು, ಗ್ರಾಹಕರು ಸಹಕರಿಸಬೇಕೆಂದು ಕಾರ್ಯನಿರ್ವಾಹಕ ಇಂಜಿನಿಯರ್ ಪ್ರಶಾಂತ್ ಕೂಡ್ಲಿ ಮನವಿ ಮಾಡಿದ್ದಾರೆ.
ಅಭಿವೃದ್ಧಿ ಕಾರ್ಯಗಳಿಗೂ ಹೆಚ್ಚು ಒತ್ತು: ಸಚಿವ ಕೆ.ಎನ್ ರಾಜಣ್ಣ
ಮಧುಗಿರಿ : ಎತ್ತಿನಹೊಳೆ ಯೋಜನೆಯ ರೂವಾರಿ ನೀರಾವರಿ ತಜ್ಞ ಜಿ.ಎಸ್ ಪರಮಶಿವಯ್ಯನವರನ್ನು ನೆನೆಯದವರು ನಮ್ಮಲ್ಲಿರಾ ಕರ್ತವ್ಯವಾಗಿದೆ ಎಂದು ಸಹಕಾರ ಸಚಿವರು ಹಾಗೂ ಹಾಸನ ಜಿಲ್ಲಾ ಉಸ್ತುವಾರಿ ಸಚಿವರಾದ ಕೆ.ಎನ್ ರಾಜಣ್ಣ ತಿಳಿಸಿದರು. ತಾಲೂಕಿನ ದೊಡ್ಡೇರಿ ಹೋಬಳಿಯ ಕವಣದಾಲ ಗ್ರಾಮದ ಸುವರ್ಣಮುಖಿ ಫೌಂಡೇಶನ್‌ನಲ್ಲಿ ಆಯೋಜಿಸಿದ್ದ ತಾಲ್ಲೂಕು ಆಡಳಿತ ತಾಲ್ಲೂಕು ಪಂಚಾಯಿತಿ ಆಯೋಜಿಸಿದ್ದ ಜನಸ್ಪಂದನಾ ಹಾಗೂ ಬಾತ ಅಭಿಯಾನ ಕಾರ್ಯಕ್ರಮ ವನ್ನು ಉದ್ಘಾಟಿಸಿ ಮಾತನಾಡುತ್ತಿದ್ದರು. ಯೋಜನೆಯ ಅರುಭವದ ಹಿನ್ನೆಲೆಯಲ್ಲಿ ನಮ್ಮ ಸ್ವಕ್ಷೇತ್ರ ನೀರಾವರಿ ಯೋಜನೆಗಳ ಸದ್ಬಳಕೆ ಹಾಗೂ ಅಗತ್ಯ ಕ್ರಮಗಳು ರೂಪಿತಗೊಳ್ಳುತ್ತಿದ್ದು ಶಾಸಕರು, ಉಸ್ತುವಾರಿ ಸಚಿವರು ಸಹ ಪಕ್ಷಾತೀತವಾಗಿ ಕೆಲಸ ಮಾಡುತ್ತಿದ್ದಾರೆ. ಈ ಬಗ್ಗೆ ಕೆಲವರು ಹಿಯಾಳಿಸಿದ್ದಾರು. ಎತ್ತಿನಹೊಳೆ ಆರಂಭದಲ್ಲಿ 12,912 ಕೋಟಿ ರೂಗಳನ್ನು ಬಿಡುಗಡೆ ಮಾಡುವುದಾಗಿತ್ತು ಈಗ ಅದರ ವೆಚ್ಚ 25 ಸಾವಿರ ಕೋಟಿ ರೂಗಳಿಗೆ ತಲುಪಿದೆ. ಪಶ್ಚಿಮಾಭಿಮುಖವಾಗಿ ಹರಿಯುತ್ತಿರುವ ನೀರನ್ನು ಪೂರ್ವ ದಿಕ್ಕಿಗೆ ಹರಿಯುವಂತೆ
ಮಾಡುವುದರಿಂದಾಗಿ ಹಾಸನ ಜಿಲ್ಲೆಯ ಹರವನಹಳ್ಳಿ ಬಳಿ 4 ಗೇಟ್ ನ ಮೂಲಕ ಗುರುತ್ವಾಕರ್ಷಣೆಯ ಬಲದಿಂದ ನಮಗೆ ನೀರು ಹರಿಯಲಿದೆ. ನಮ್ಮ ಜಿಲ್ಲೆಯಲ್ಲಿ ಕೆಲವು ಕಡೆ ಕಾಮಗಾರಿ ಬಾಕಿ ಇರುವುದರಿಂದ ಆ ಸಮಸ್ಯೆಯನ್ನು ನಿವಾರಿಸಲು ಮುಂದಾಗಿದ್ದೇವೆ. ನೀರು ಹರಿದ ನಂತರ ಶೇಖರಿಸುವ ವಿಚಾರವಾಗಿ ವಿಚಾರ ಸಾಗರಕ್ಕೆ ಹರಿಸಲಾಗುವುದು. ನಮ್ಮ ಜಿಲ್ಲೆ ಹಾಗೂ ಹಾಸನ ಜಿಲ್ಲೆಯ ಕೆಲ ಭಾಗಗಳಲ್ಲಿ ಕಾಮಗಾರಿಯ ಅರಣ್ಯ ಇಲಾಖೆಯ ಆಕ್ಷೇಪಣೆಗಳನ್ನು ಸಚಿವರು ಸ್ವಲ್ಪ ತಡವಾಗುತ್ತು, ಹಾಸನ ಮತ್ತು ತುಮಕೂರಿನ ಜಿಲ್ಲಾಧಿಕಾರಿಗಳು ಆ ಸಮಸ್ಯೆ ಬಗೆ ಹರಿಸಿದ್ದಾರೆ ಮುಂದಿನ ದಿನಗಳಲ್ಲಿ ಶೀಘ್ರ ತುಮಕೂರು ಜಿಲ್ಲೆಗೂ ನೀರು ಹರಿಯಲಿದೆ. ಎತ್ತಿನಹೊಳೆ ಯೋಜನೆ ವ್ಯಾಪ್ತಿಗೆ ಒಳಪಡುವ ಮಧುಗಿರಿ ತಾಲ್ಲೂಕಿನ ಕೆರೆಗಳಿಗೆ ನೀರು ತುಂಬಿಸಿದ್ದು ತಾಲ್ಲೂಕಿನ ಕೆರೆಗಳ ಮರುಸ್ತೀಕಣ 602 ಕೋಟಿ ರೂ.ಗಳನ್ನು ಅನುಮೋದನೆ ನೀಡಿದ್ದು ಬಿಡುಗಡೆ ಮಾಡಿದ್ದು ಇನ್ನೂ ಕೆಲವೇ ದಿನಗಳಲ್ಲಿ ಕಾಮಗಾರಿಗಳು ಆರಂಭವಾಗಲಿವೆ. ಅಭಿವೃದ್ಧಿ ಕಾರ್ಯಗಳಿಗೂ ಹೆಚ್ಚು ಒತ್ತು ನೀಡಲಾಗುತ್ತದೆ. ಕವಣದಾಲ ಗ್ರಾಮದ ವ್ಯಾಪ್ತಿಗೆ ಸಿಮಿತವಾಗಿರದ ಹಳ್ಳಿಗಳಲ್ಲಿ ಶಿಕ್ಷಣಕ್ಕೆ ಹಾಗೂ ವಿದ್ಯಾಭ್ಯಾಸಕ್ಕೆ ಒತ್ತು
ನೀಡಲಾಗುತ್ತದೆ.
ಶೈಕ್ಷಣಿಕ ಜಿಲ್ಲೆಯಲ್ಲಿ ಫಲಿತಾಂಶದ ಹೆಚ್ಚಳವಾಗಬೇಕು ಆ ನಿಟ್ಟಿನಲ್ಲಿ ಶಿಕ್ಷಣಕ್ಕೆ ಹೆಚ್ಚಿನ ಆದ್ಯತೆ ನೀಡಲಾಗುತ್ತಿದೆ. ಸಾಮಾಜಿಕ ಗುಣಮಟ್ಟದ ಶಿಕ್ಷಣ ತಲುಪಲು ಹಾಗೂ ಕುರಿತು ಚರ್ಚಿಸಲು ಅವಕಾಶವಿದೆ. ಜಿಲ್ಲೆಯಲ್ಲಿ 98 ಫಲಾನುಭವಿಗಳಿಗೆ ಮಾಶಾಸನ ಪಂಚಗ್ರಾಮ ಯೋಜನೆ 40 ರಾಸುಗಳು ಮಾಲೀಕರಿಗೆ 20 ಲಕ್ಷ 50 ಸಾವಿರ ರೂಗಳ ಚೆಕ್ ವಿತರಣೆ ನೀಡಲಾಗಿದೆ. ಗ್ರಾಮದ ಜನರ ಸಮಸ್ಯೆಗಳನ್ನು ಆಲಿಸಿ ಪರಿಹಾರ ನೀಡಲು ಈ ಕಾರ್ಯಕ್ರಮ ಆಯೋಜನೆ ಮಾಡಲಾಗಿದೆ. ಗ್ರಾಮಗಳಲ್ಲಿನ ಜನರ ಸಮಸ್ಯೆ ಹೆಚ್ಚಿನ ಮಟ್ಟದಲ್ಲಿ ಪರಿಹಾರ ಮಾಡುವ ಸಲುವಾಗಿ ಗ್ರಾಮಸ್ಥರು ಅರ್ಜಿ ನೀಡಬೇಕು ಎಂದರು.
ಜಿಲ್ಲಾಧಿಕಾರಿ ಶುಭ ಕಲ್ಯಾಣ್ ಮಾತನಾಡಿ ತಾಲ್ಲೂಕಿನಲ್ಲಿ ಸರ್ಕಾರದ ಸಚಿವರ ನೇತೃತ್ವದಲ್ಲಿ ವಿನೂತನ ಜನಸ್ಪಂದನಾ ಮತ್ತು ಬಾತ ಅಭಿಯಾನ ಕಾರ್ಯಕ್ರಮವು ಯಶಸ್ವಿಯಾಗಿ ನಡೆಯುತ್ತಿದೆ. ಮುಂದಿನ ದಿನಗಳಲ್ಲಿ ಹೋಬಳಿವಾರು ಸಹ ಆಯೋಜಿಸಲಾಗುವುದು. ಪಂಚಗ್ರಾಮ ಯೋಜನೆಯ ಫಲಾನುಭವಿಗಳಿಗೆ ಬೆಸ್ಕಾಂ, ಸ್ತ್ರೀಶಕ್ತಿ ಸಂಘಗಳು, ಕಂದಾಯ ಇಲಾಖೆ ಸೇರಿದಂತೆ ವಿವಿಧ ಇಲಾಖೆಗಳ ಸೌಲಭ್ಯಗಳನ್ನು ವಿತರಿಸಲಾಯಿತು. ಜಿ.ಪಂ ಸಿ.ಇ.ಒ ಜಿ.ಪ್ರಭು ಮಾತನಾಡಿ ಗ್ರಾಮೀಣ ಪ್ರದೇಶದಲ್ಲಿ ಕುಡಿಯುವ ನೀರು, ರಸ್ತೆ, ಚರಂಡಿ ಸೇರಿದಂತೆ ಮೂಲ ಸೌಕರ್ಯಗಳಿಗೆ ಹೆಚ್ಚಿನ ಆದ್ಯತೆ ನೀಡಲಾಗುತ್ತಿದೆ. ಕವಣದಾಲ ಗ್ರಾಮದ ವ್ಯಾಪ್ತಿಗೆ ಸಿಮಿತವಾಗಿರದ ಹಳ್ಳಿಗಳ
ಶುಚಿತ್ವಕ್ಕೆ ಹಾಗೂ ವಿದ್ಯಾಭ್ಯಾಸಕ್ಕೆ ಒತ್ತು ನೀಡಲಾಗುತ್ತದೆ. ಆರೋಗ್ಯ ಇಲಾಖೆಯ ವತಿಯಿಂದ ಗ್ರಾಮಗಳಲ್ಲಿ 10 ಪ್ರಮುಖ ಯೋಜನೆಗಳ ಬಗ್ಗೆ ಅರಿವು ಮೂಡಿಸಲಾಗುತ್ತಿದೆ. ಜಿಲ್ಲೆಯಲ್ಲಿ 9 ಲಕ್ಷ ಮೀಟರ್ ಚರಂಡಿ ನಿರ್ಮಾಣದ ಅವಶ್ಯಕತೆ ಇದ್ದು 360 ಕೋಟಿ ವೆಚ್ಚದಲ್ಲಿ ಪ್ರಸ್ತಾವನೆ ಸಲ್ಲಿಸಲಾಗಿದೆ. ಸರ್ಕಾರ ಅನುಮೋದನೆ ನೀಡಿದೆ. 260 ಎಕರೆ ಭೂಮಿ ಲಭ್ಯವಿದ್ದು 5.5 ಸಾವಿರ ನಿವೇಶನ ಹಂಚಿಕೆ ಮಾಡಲಾಗುವುದು. ಇ ಖಾತೆ ಪ್ರಕ್ರಿಯೆ ಮೂಲಕ ಜಿಲ್ಲೆಯಲ್ಲಿ 1600 ಶಾಲೆಗಳ ಅಭಿವೃದ್ಧಿ ಮಾಡಲಾಗುತ್ತಿದೆ. ಪ್ರಾಥಮಿಕ ಹಾಗೂ ಪ್ರೌಢಶಾಲೆಗಳಲ್ಲಿ ಶಿಕ್ಷಕರ ಕೊರತೆಯನ್ನು ನೀಗಿಸಲು ಅತಿಥಿ ಶಿಕ್ಷಕರನ್ನು ನೇಮಿಸಿಕೊಳ್ಳಲಾಗಿದೆ.
ಮೂಲಕ ನೀಗಿಸಲಾಗಿದೆ. ಶಾಲೆಗಳಲ್ಲಿ ಮಕ್ಕಳಿಗೆ ದೊರೆಯಬೇಕಾದ ಮೂಲಭೂತ ಸೌಕರ್ಯಗಳನ್ನು ನೀಗಿಸಲು ಕ್ರಮ ಕೈಗೊಳ್ಳಲಾಗುತ್ತಿದೆ. ಶಾಲಾ ಮಕ್ಕಳಿಗೆ ನಿರಂತರ ಜ್ಯೋತಿ ಯೋಜನೆಯ ಮೂಲಕ ವಿದ್ಯುತ್ ಸಂಪರ್ಕ ಒದಗಿಸಲಾಗಿದೆ. ಉಪವಿಭಾಗಾಧಿಕಾರಿ ಗೋಟೂರು ಶಿವಪ್ಪ, ತಹಶೀಲ್ದಾರ್ ಸಿಬ್ಬಂದಿಗಳು, ಜಿಲ್ಲಾ ಪಂಚಾಯಿತಿ ಕಾರ್ಯನಿರ್ವಾಹಕ ಅಧಿಕಾರಿ, ಜಲ ಜೀವನ್ ಮಿಷನ್ ಯೋಜನಾಧಿಕಾರಿಗಳು, ಡಿಡಿಪಿಐ, ನಿರ್ದೇಶಕ ಕ್ಷೇತ್ರ ಶಿಕ್ಷಣಾಧಿಕಾರಿ, ಕೆ.ಎನ್ ಹನುಮಂತರಾಯಪ್ಪ, ಎಂ.ವಿ ಗಂಗರಾಜು, ಸಿದ್ದನರಸಪ್ಪ, ಸುರೇಶ್, ಸ್ವಾಮಿ, ಚಂದ್ರಪ್ಪ, ರಾಮಮೂರ್ತಿ, ಸೋನಿಯಾ ವಾರ್ಡ್‌ರ್, ಶೈಲಜಾ, ಕಮಲ, ಆಶಾ ಹೆಚ್ ಎನ್, ಶಿವಶಂಕರ್ ಹಾಗೂ ಗ್ರಾಮಸ್ಥರು ಉಪಸ್ಥಿತರಿದ್ದರು.
